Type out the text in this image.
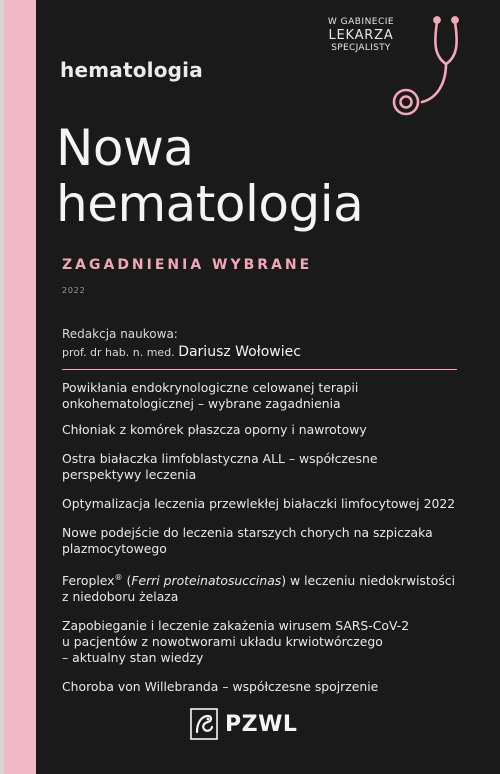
W GABINECIE
LEKARZA
SPECJALISTY
hematologia
Nowa
hematologia
ZAGADNIENIA WYBRANE
2022
Redakcja naukowa:
prof. dr hab. n. med. Dariusz Wołowiec
Powikłania endokrynologiczne celowanej terapii
onkohematologicznej – wybrane zagadnienia
Chłoniak z komórek płaszcza oporny i nawrotowy
Ostra białaczka limfoblastyczna ALL – współczesne
perspektywy leczenia
Optymalizacja leczenia przewlekłej białaczki limfocytowej 2022
Nowe podejście do leczenia starszych chorych na szpiczaka
plazmocytowego
Feroplex® (Ferri proteinatosuccinas) w leczeniu niedokrwistości
z niedoboru żelaza
Zapobieganie i leczenie zakażenia wirusem SARS-CoV-2
u pacjentów z nowotworami układu krwiotwórczego
– aktualny stan wiedzy
Choroba von Willebranda – współczesne spojrzenie
PZWL
